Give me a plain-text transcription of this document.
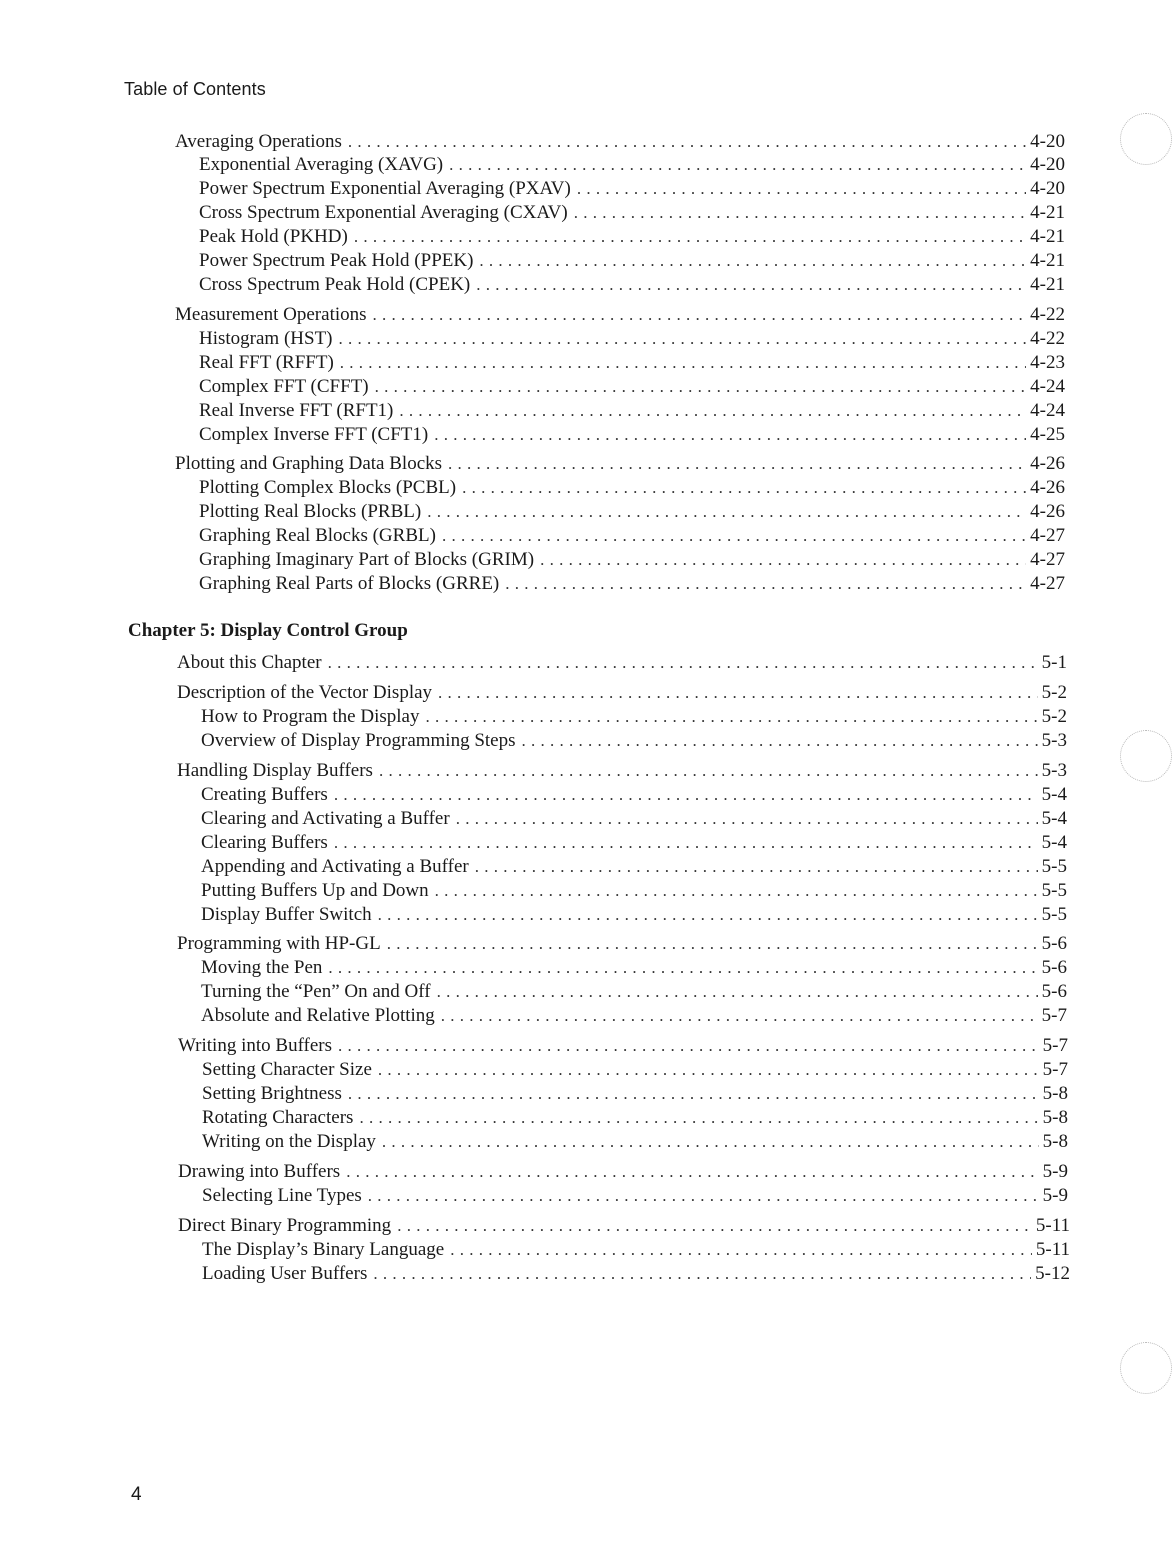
Table of Contents
Averaging Operations . . .	4-20
Exponential Averaging (XAVG) . . .	4-20
Power Spectrum Exponential Averaging (PXAV) . . .	4-20
Cross Spectrum Exponential Averaging (CXAV) . . .	4-21
Peak Hold (PKHD) . . .	4-21
Power Spectrum Peak Hold (PPEK) . . .	4-21
Cross Spectrum Peak Hold (CPEK) . . .	4-21
Measurement Operations . . .	4-22
Histogram (HST) . . .	4-22
Real FFT (RFFT) . . .	4-23
Complex FFT (CFFT) . . .	4-24
Real Inverse FFT (RFT1) . . .	4-24
Complex Inverse FFT (CFT1) . . .	4-25
Plotting and Graphing Data Blocks . . .	4-26
Plotting Complex Blocks (PCBL) . . .	4-26
Plotting Real Blocks (PRBL) . . .	4-26
Graphing Real Blocks (GRBL) . . .	4-27
Graphing Imaginary Part of Blocks (GRIM) . . .	4-27
Graphing Real Parts of Blocks (GRRE) . . .	4-27
Chapter 5: Display Control Group
About this Chapter . . .	5-1
Description of the Vector Display . . .	5-2
How to Program the Display . . .	5-2
Overview of Display Programming Steps . . .	5-3
Handling Display Buffers . . .	5-3
Creating Buffers . . .	5-4
Clearing and Activating a Buffer . . .	5-4
Clearing Buffers . . .	5-4
Appending and Activating a Buffer . . .	5-5
Putting Buffers Up and Down . . .	5-5
Display Buffer Switch . . .	5-5
Programming with HP-GL . . .	5-6
Moving the Pen . . .	5-6
Turning the “Pen” On and Off . . .	5-6
Absolute and Relative Plotting . . .	5-7
Writing into Buffers . . .	5-7
Setting Character Size . . .	5-7
Setting Brightness . . .	5-8
Rotating Characters . . .	5-8
Writing on the Display . . .	5-8
Drawing into Buffers . . .	5-9
Selecting Line Types . . .	5-9
Direct Binary Programming . . .	5-11
The Display’s Binary Language . . .	5-11
Loading User Buffers . . .	5-12
4
